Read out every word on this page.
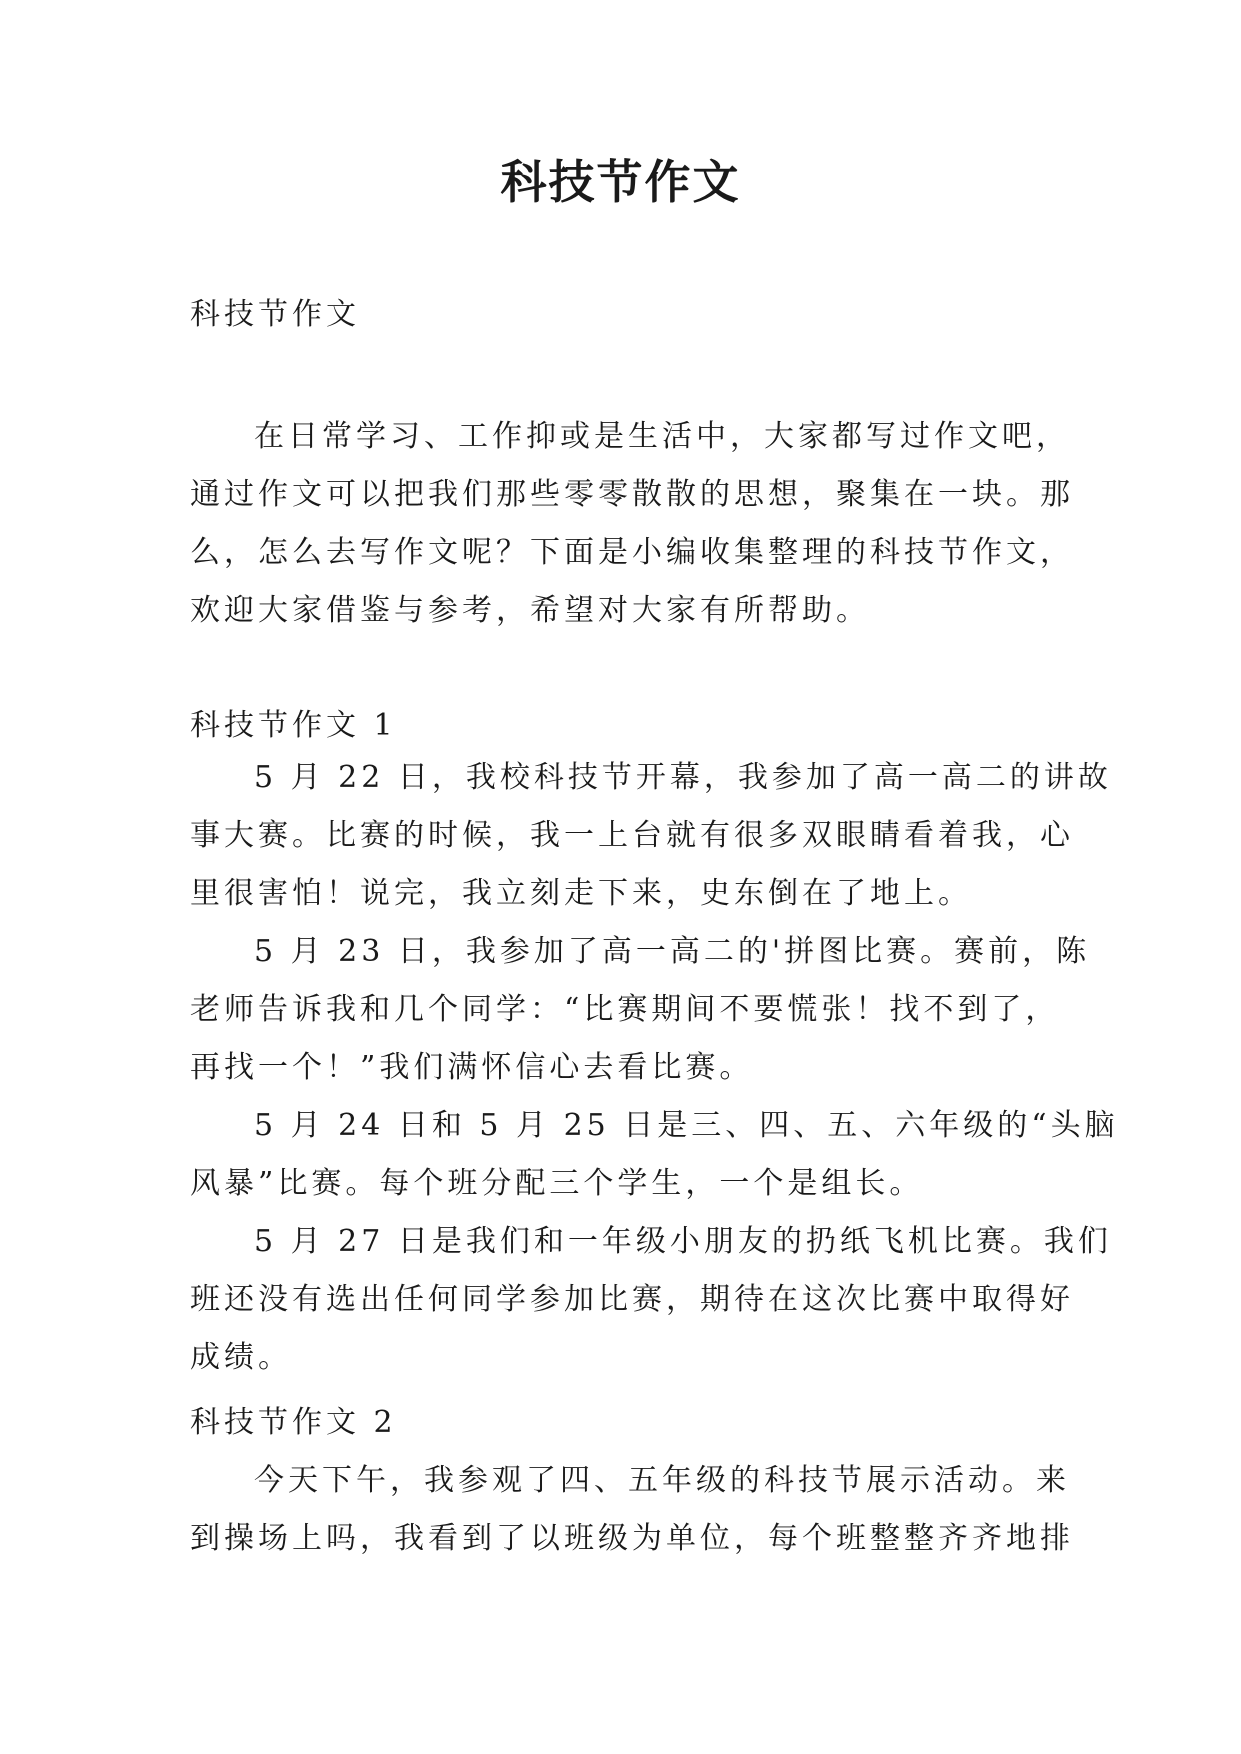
科技节作文
科技节作文
在日常学习、工作抑或是生活中，大家都写过作文吧，
通过作文可以把我们那些零零散散的思想，聚集在一块。那
么，怎么去写作文呢？下面是小编收集整理的科技节作文，
欢迎大家借鉴与参考，希望对大家有所帮助。
科技节作文 1
5 月 22 日，我校科技节开幕，我参加了高一高二的讲故
事大赛。比赛的时候，我一上台就有很多双眼睛看着我，心
里很害怕！说完，我立刻走下来，史东倒在了地上。
5 月 23 日，我参加了高一高二的'拼图比赛。赛前，陈
老师告诉我和几个同学：“比赛期间不要慌张！找不到了，
再找一个！”我们满怀信心去看比赛。
5 月 24 日和 5 月 25 日是三、四、五、六年级的“头脑
风暴”比赛。每个班分配三个学生，一个是组长。
5 月 27 日是我们和一年级小朋友的扔纸飞机比赛。我们
班还没有选出任何同学参加比赛，期待在这次比赛中取得好
成绩。
科技节作文 2
今天下午，我参观了四、五年级的科技节展示活动。来
到操场上吗，我看到了以班级为单位，每个班整整齐齐地排
